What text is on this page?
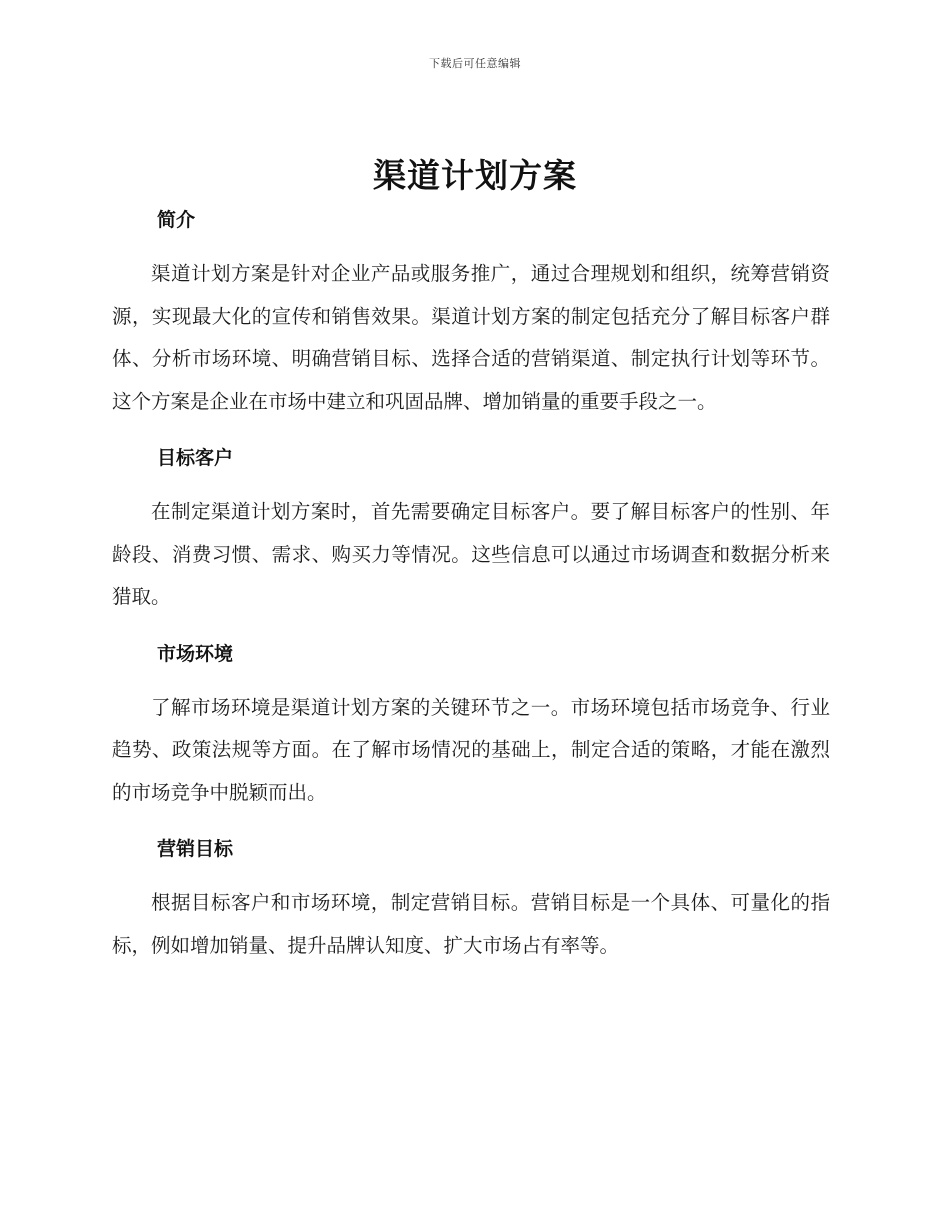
下载后可任意编辑
渠道计划方案
简介

渠道计划方案是针对企业产品或服务推广，通过合理规划和组织，统筹营销资源，实现最大化的宣传和销售效果。渠道计划方案的制定包括充分了解目标客户群体、分析市场环境、明确营销目标、选择合适的营销渠道、制定执行计划等环节。这个方案是企业在市场中建立和巩固品牌、增加销量的重要手段之一。

目标客户

在制定渠道计划方案时，首先需要确定目标客户。要了解目标客户的性别、年龄段、消费习惯、需求、购买力等情况。这些信息可以通过市场调查和数据分析来猎取。

市场环境

了解市场环境是渠道计划方案的关键环节之一。市场环境包括市场竞争、行业趋势、政策法规等方面。在了解市场情况的基础上，制定合适的策略，才能在激烈的市场竞争中脱颖而出。

营销目标

根据目标客户和市场环境，制定营销目标。营销目标是一个具体、可量化的指标，例如增加销量、提升品牌认知度、扩大市场占有率等。
